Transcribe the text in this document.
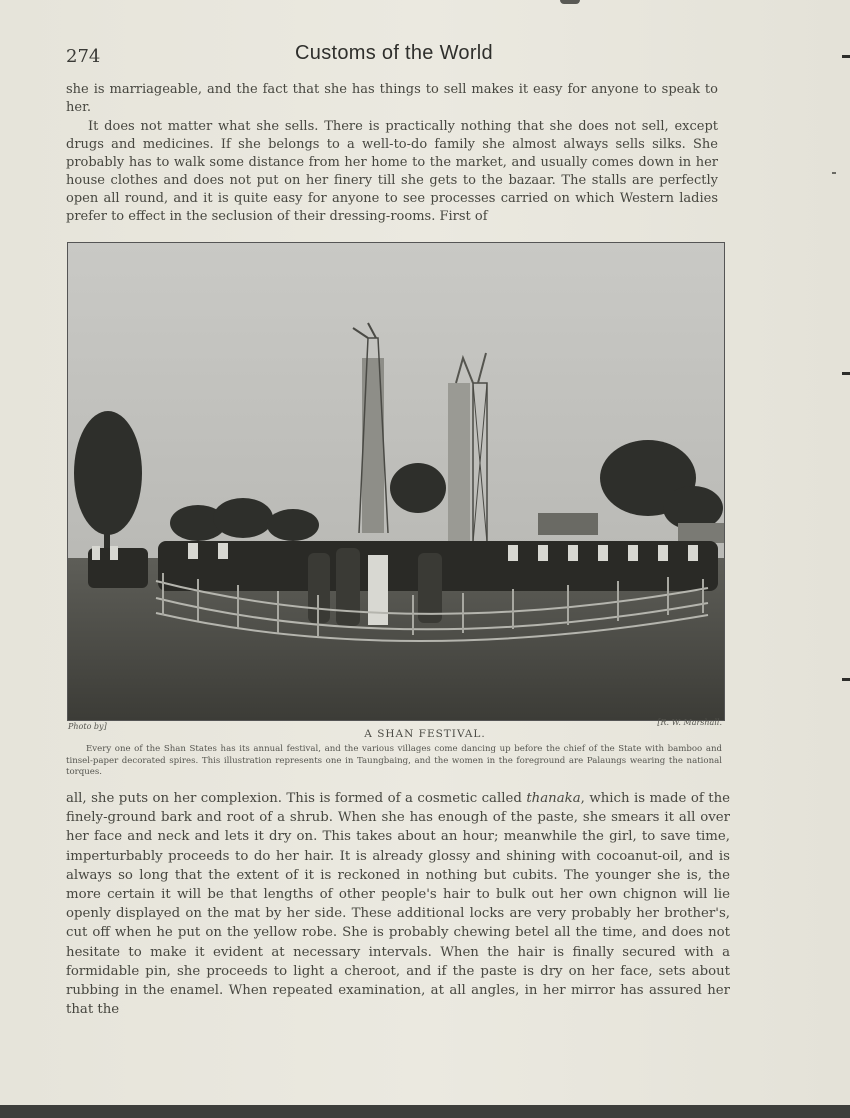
274	Customs of the World

she is marriageable, and the fact that she has things to sell makes it easy for anyone to speak to her.

It does not matter what she sells. There is practically nothing that she does not sell, except drugs and medicines. If she belongs to a well-to-do family she almost always sells silks. She probably has to walk some distance from her home to the market, and usually comes down in her house clothes and does not put on her finery till she gets to the bazaar. The stalls are perfectly open all round, and it is quite easy for anyone to see processes carried on which Western ladies prefer to effect in the seclusion of their dressing-rooms. First of

Photo by]	[R. W. Marshall.
A SHAN FESTIVAL.

Every one of the Shan States has its annual festival, and the various villages come dancing up before the chief of the State with bamboo and tinsel-paper decorated spires. This illustration represents one in Taungbaing, and the women in the foreground are Palaungs wearing the national torques.

all, she puts on her complexion. This is formed of a cosmetic called thanaka, which is made of the finely-ground bark and root of a shrub. When she has enough of the paste, she smears it all over her face and neck and lets it dry on. This takes about an hour; meanwhile the girl, to save time, imperturbably proceeds to do her hair. It is already glossy and shining with cocoanut-oil, and is always so long that the extent of it is reckoned in nothing but cubits. The younger she is, the more certain it will be that lengths of other people's hair to bulk out her own chignon will lie openly displayed on the mat by her side. These additional locks are very probably her brother's, cut off when he put on the yellow robe. She is probably chewing betel all the time, and does not hesitate to make it evident at necessary intervals. When the hair is finally secured with a formidable pin, she proceeds to light a cheroot, and if the paste is dry on her face, sets about rubbing in the enamel. When repeated examination, at all angles, in her mirror has assured her that the
